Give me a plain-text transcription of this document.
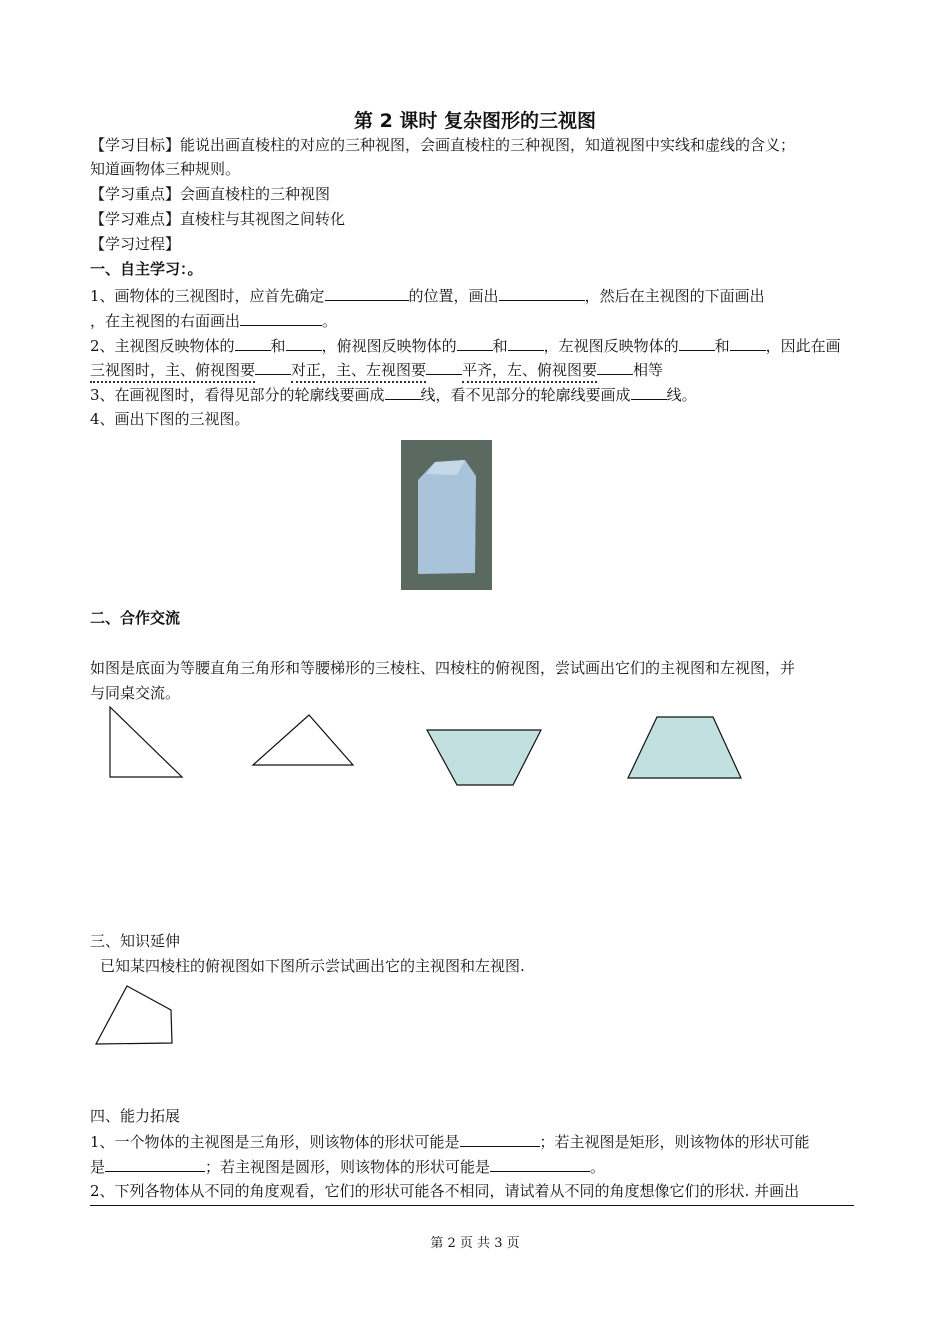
第 2 课时 复杂图形的三视图
【学习目标】能说出画直棱柱的对应的三种视图，会画直棱柱的三种视图，知道视图中实线和虚线的含义；
知道画物体三种规则。
【学习重点】会画直棱柱的三种视图
【学习难点】直棱柱与其视图之间转化
【学习过程】
一、自主学习：。
1、画物体的三视图时，应首先确定	的位置，画出	，然后在主视图的下面画出
，在主视图的右面画出	。
2、主视图反映物体的 和 ，俯视图反映物体的 和 ，左视图反映物体的 和 ，因此在画
三视图时，主、俯视图要 对正，主、左视图要 平齐，左、俯视图要 相等
3、在画视图时，看得见部分的轮廓线要画成 线，看不见部分的轮廓线要画成 线。
4、画出下图的三视图。
二、合作交流
如图是底面为等腰直角三角形和等腰梯形的三棱柱、四棱柱的俯视图，尝试画出它们的主视图和左视图，并
与同桌交流。
三、知识延伸
已知某四棱柱的俯视图如下图所示尝试画出它的主视图和左视图.
四、能力拓展
1、一个物体的主视图是三角形，则该物体的形状可能是	；若主视图是矩形，则该物体的形状可能
是	；若主视图是圆形，则该物体的形状可能是	。
2、下列各物体从不同的角度观看，它们的形状可能各不相同，请试着从不同的角度想像它们的形状. 并画出
第 2 页 共 3 页
